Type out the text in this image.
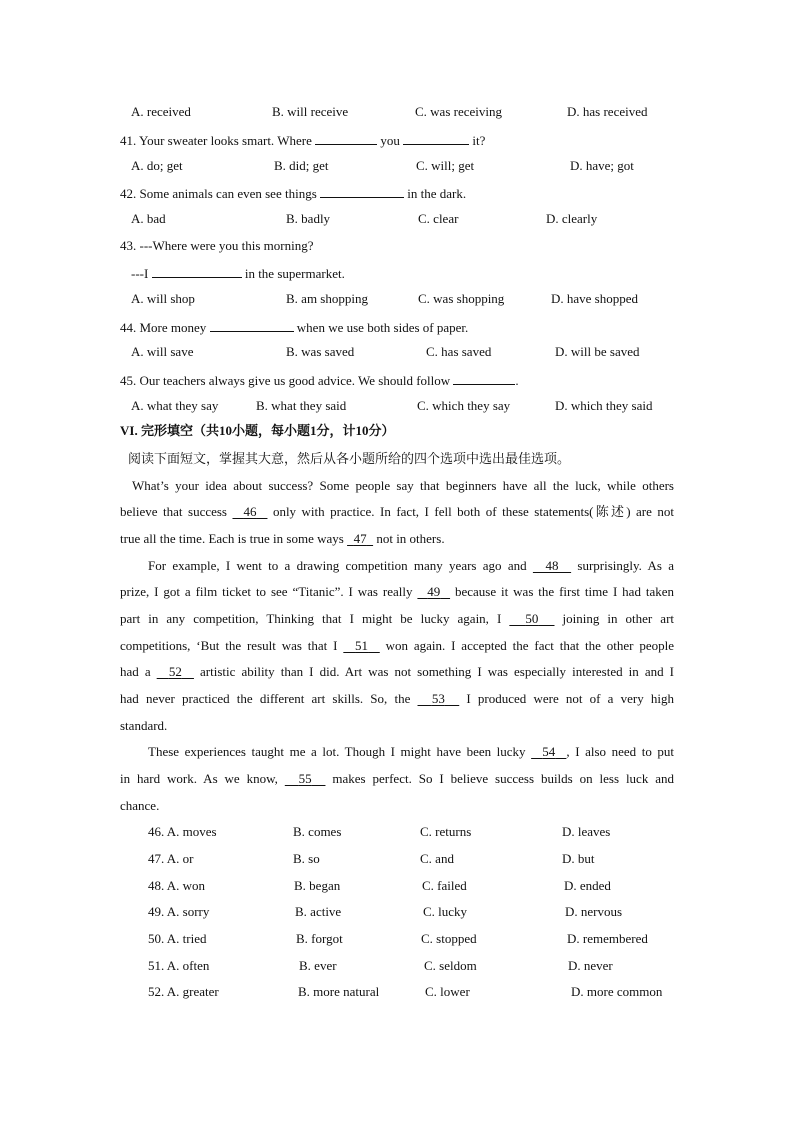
A. received	B. will receive	C. was receiving	D. has received
41. Your sweater looks smart. Where	you	it?
A. do; get	B. did; get	C. will; get	D. have; got
42. Some animals can even see things	in the dark.
A. bad	B. badly	C. clear	D. clearly
43. ---Where were you this morning?
---I	in the supermarket.
A. will shop	B. am shopping	C. was shopping	D. have shopped
44. More money	when we use both sides of paper.
A. will save	B. was saved	C. has saved	D. will be saved
45. Our teachers always give us good advice. We should follow	.
A. what they say	B. what they said	C. which they say	D. which they said
VI. 完形填空（共10小题，每小题1分，计10分）
阅读下面短文，掌握其大意，然后从各小题所给的四个选项中选出最佳选项。
What’s your idea about success? Some people say that beginners have all the luck, while others
believe that success   46   only with practice. In fact, I fell both of these statements(陈述) are not
true all the time. Each is true in some ways   47   not in others.
For example, I went to a drawing competition many years ago and   48   surprisingly. As a
prize, I got a film ticket to see “Titanic”. I was really   49   because it was the first time I had taken
part in any competition, Thinking that I might be lucky again, I   50   joining in other art
competitions, ‘But the result was that I   51   won again. I accepted the fact that the other people
had a   52   artistic ability than I did. Art was not something I was especially interested in and I
had never practiced the different art skills. So, the   53   I produced were not of a very high
standard.
These experiences taught me a lot. Though I might have been lucky   54 , I also need to put
in hard work. As we know,   55   makes perfect. So I believe success builds on less luck and
chance.
46. A. moves	B. comes	C. returns	D. leaves
47. A. or	B. so	C. and	D. but
48. A. won	B. began	C. failed	D. ended
49. A. sorry	B. active	C. lucky	D. nervous
50. A. tried	B. forgot	C. stopped	D. remembered
51. A. often	B. ever	C. seldom	D. never
52. A. greater	B. more natural	C. lower	D. more common
